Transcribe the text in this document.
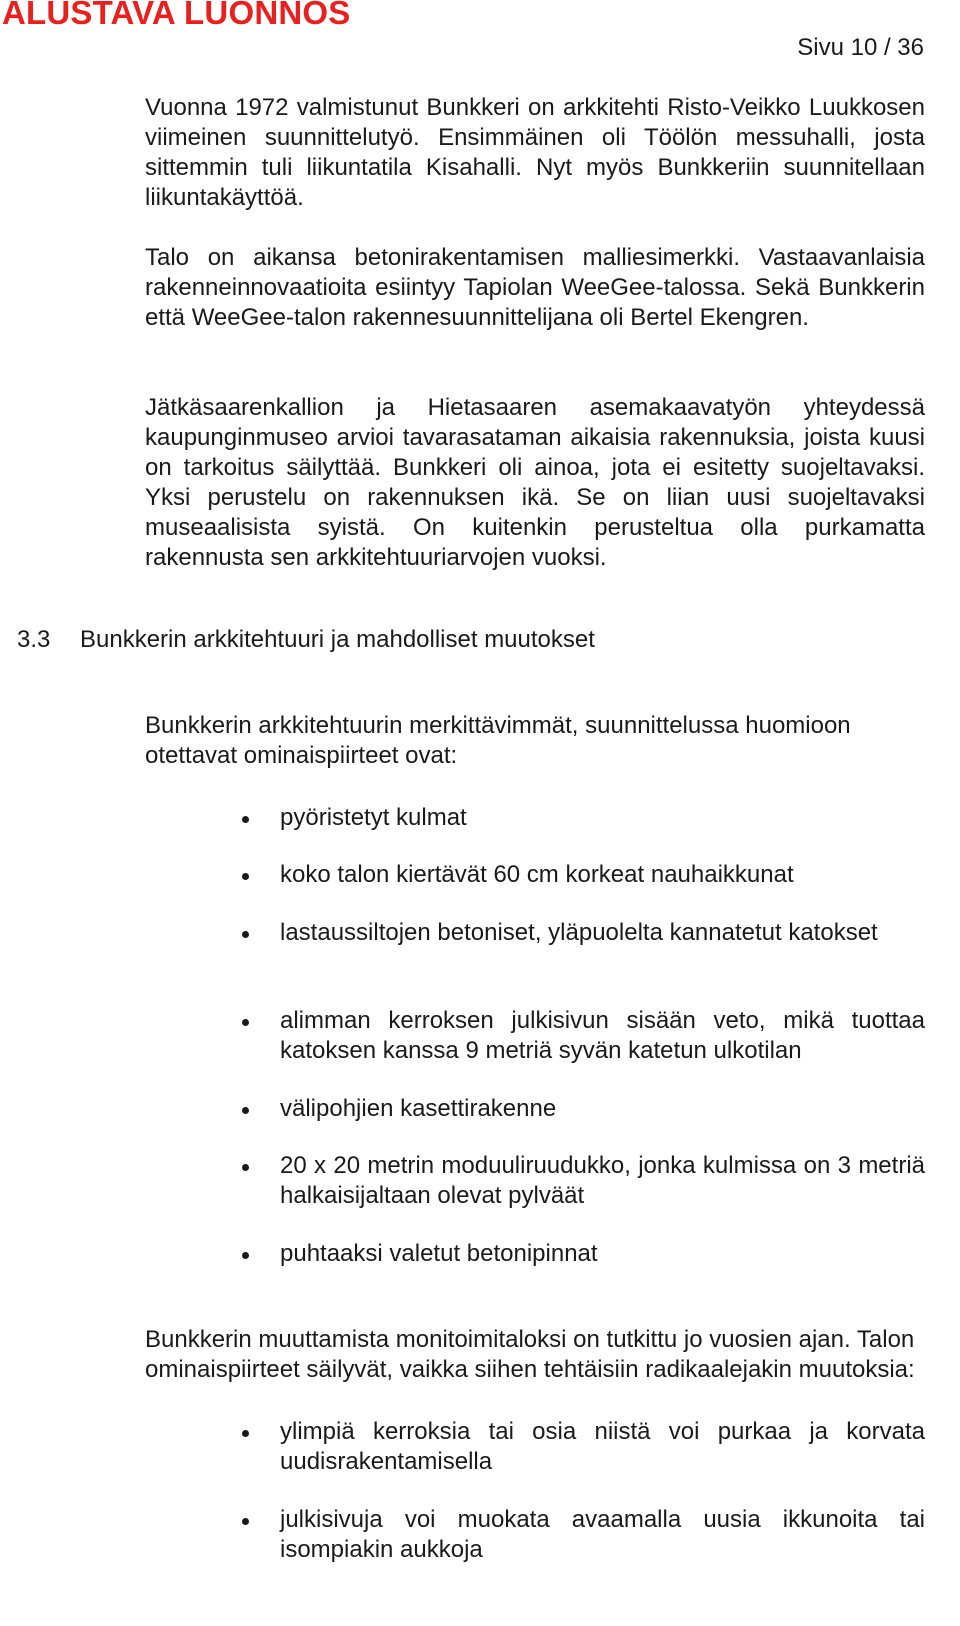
ALUSTAVA LUONNOS
Sivu 10 / 36
Vuonna 1972 valmistunut Bunkkeri on arkkitehti Risto-Veikko Luukkosen viimeinen suunnittelutyö. Ensimmäinen oli Töölön messuhalli, josta sittemmin tuli liikuntatila Kisahalli. Nyt myös Bunkkeriin suunnitellaan liikuntakäyttöä.
Talo on aikansa betonirakentamisen malliesimerkki. Vastaavanlaisia rakenneinnovaatioita esiintyy Tapiolan WeeGee-talossa. Sekä Bunkkerin että WeeGee-talon rakennesuunnittelijana oli Bertel Ekengren.
Jätkäsaarenkallion ja Hietasaaren asemakaavatyön yhteydessä kaupunginmuseo arvioi tavarasataman aikaisia rakennuksia, joista kuusi on tarkoitus säilyttää. Bunkkeri oli ainoa, jota ei esitetty suojeltavaksi. Yksi perustelu on rakennuksen ikä. Se on liian uusi suojeltavaksi museaalisista syistä. On kuitenkin perusteltua olla purkamatta rakennusta sen arkkitehtuuriarvojen vuoksi.
3.3 Bunkkerin arkkitehtuuri ja mahdolliset muutokset
Bunkkerin arkkitehtuurin merkittävimmät, suunnittelussa huomioon otettavat ominaispiirteet ovat:
pyöristetyt kulmat
koko talon kiertävät 60 cm korkeat nauhaikkunat
lastaussiltojen betoniset, yläpuolelta kannatetut katokset
alimman kerroksen julkisivun sisään veto, mikä tuottaa katoksen kanssa 9 metriä syvän katetun ulkotilan
välipohjien kasettirakenne
20 x 20 metrin moduuliruudukko, jonka kulmissa on 3 metriä halkaisijaltaan olevat pylväät
puhtaaksi valetut betonipinnat
Bunkkerin muuttamista monitoimitaloksi on tutkittu jo vuosien ajan. Talon ominaispiirteet säilyvät, vaikka siihen tehtäisiin radikaalejakin muutoksia:
ylimpiä kerroksia tai osia niistä voi purkaa ja korvata uudisrakentamisella
julkisivuja voi muokata avaamalla uusia ikkunoita tai isompiakin aukkoja
